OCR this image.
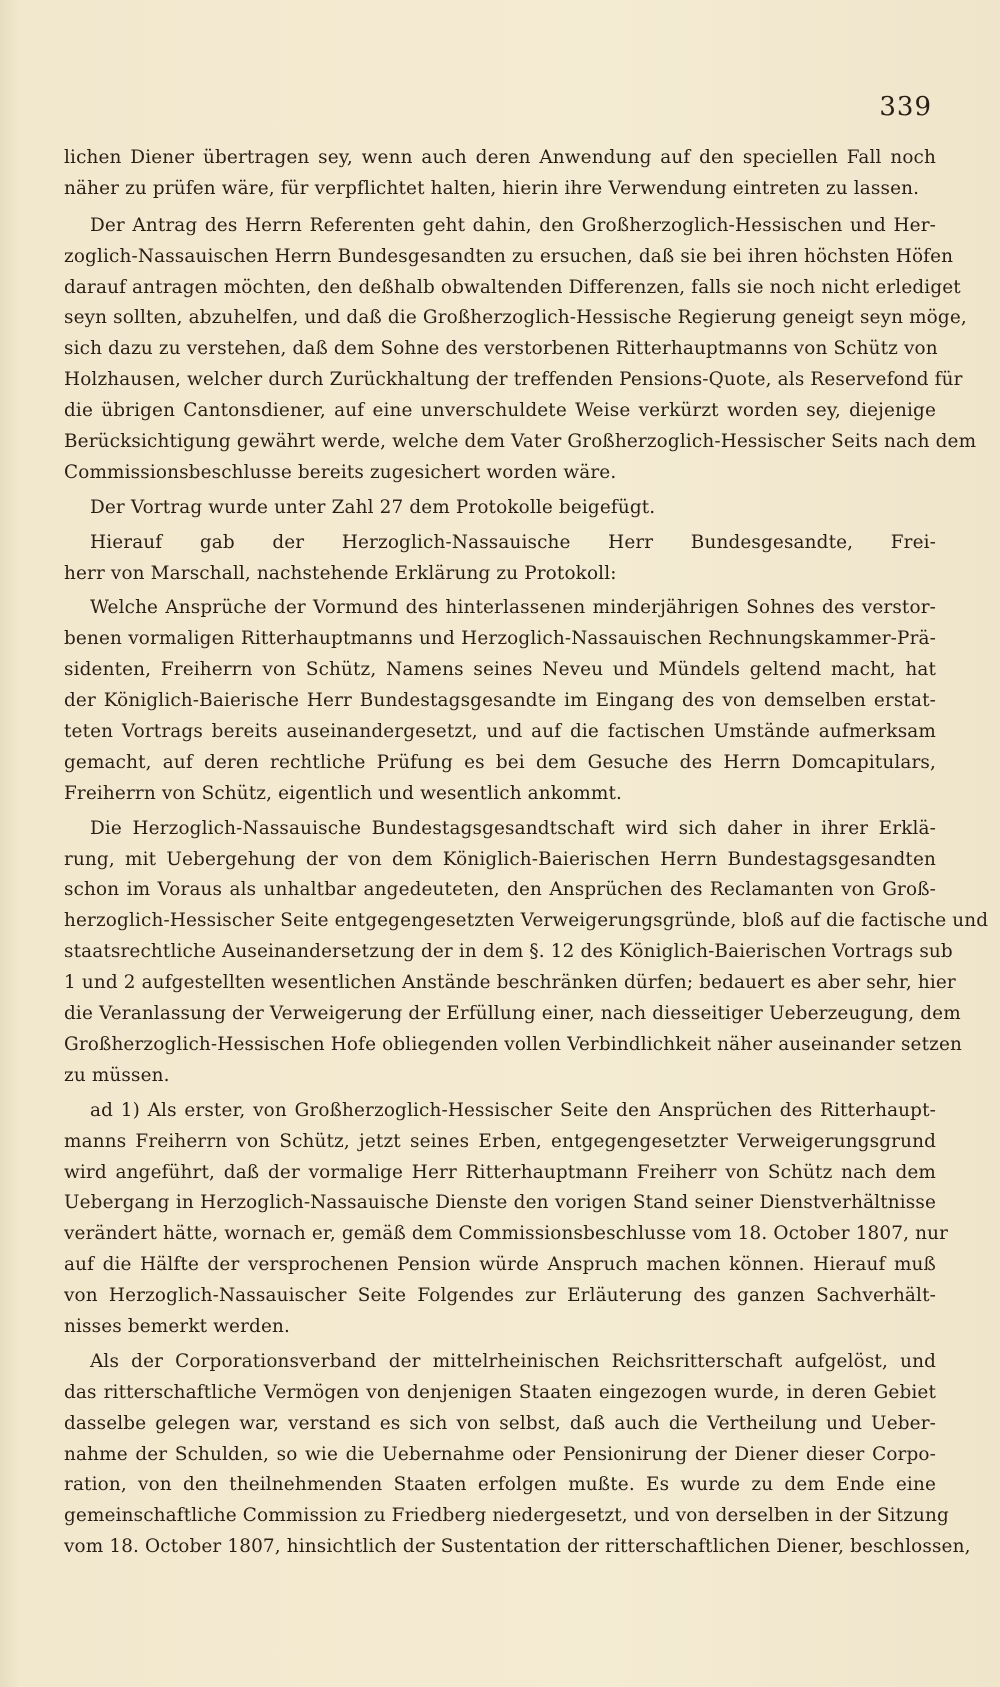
339
lichen Diener übertragen sey, wenn auch deren Anwendung auf den speciellen Fall noch
näher zu prüfen wäre, für verpflichtet halten, hierin ihre Verwendung eintreten zu lassen.
Der Antrag des Herrn Referenten geht dahin, den Großherzoglich-Hessischen und Her-
zoglich-Nassauischen Herrn Bundesgesandten zu ersuchen, daß sie bei ihren höchsten Höfen
darauf antragen möchten, den deßhalb obwaltenden Differenzen, falls sie noch nicht erlediget
seyn sollten, abzuhelfen, und daß die Großherzoglich-Hessische Regierung geneigt seyn möge,
sich dazu zu verstehen, daß dem Sohne des verstorbenen Ritterhauptmanns von Schütz von
Holzhausen, welcher durch Zurückhaltung der treffenden Pensions-Quote, als Reservefond für
die übrigen Cantonsdiener, auf eine unverschuldete Weise verkürzt worden sey, diejenige
Berücksichtigung gewährt werde, welche dem Vater Großherzoglich-Hessischer Seits nach dem
Commissionsbeschlusse bereits zugesichert worden wäre.
Der Vortrag wurde unter Zahl 27 dem Protokolle beigefügt.
Hierauf gab der Herzoglich-Nassauische Herr Bundesgesandte, Frei-
herr von Marschall, nachstehende Erklärung zu Protokoll:
Welche Ansprüche der Vormund des hinterlassenen minderjährigen Sohnes des verstor-
benen vormaligen Ritterhauptmanns und Herzoglich-Nassauischen Rechnungskammer-Prä-
sidenten, Freiherrn von Schütz, Namens seines Neveu und Mündels geltend macht, hat
der Königlich-Baierische Herr Bundestagsgesandte im Eingang des von demselben erstat-
teten Vortrags bereits auseinandergesetzt, und auf die factischen Umstände aufmerksam
gemacht, auf deren rechtliche Prüfung es bei dem Gesuche des Herrn Domcapitulars,
Freiherrn von Schütz, eigentlich und wesentlich ankommt.
Die Herzoglich-Nassauische Bundestagsgesandtschaft wird sich daher in ihrer Erklä-
rung, mit Uebergehung der von dem Königlich-Baierischen Herrn Bundestagsgesandten
schon im Voraus als unhaltbar angedeuteten, den Ansprüchen des Reclamanten von Groß-
herzoglich-Hessischer Seite entgegengesetzten Verweigerungsgründe, bloß auf die factische und
staatsrechtliche Auseinandersetzung der in dem §. 12 des Königlich-Baierischen Vortrags sub
1 und 2 aufgestellten wesentlichen Anstände beschränken dürfen; bedauert es aber sehr, hier
die Veranlassung der Verweigerung der Erfüllung einer, nach diesseitiger Ueberzeugung, dem
Großherzoglich-Hessischen Hofe obliegenden vollen Verbindlichkeit näher auseinander setzen
zu müssen.
ad 1) Als erster, von Großherzoglich-Hessischer Seite den Ansprüchen des Ritterhaupt-
manns Freiherrn von Schütz, jetzt seines Erben, entgegengesetzter Verweigerungsgrund
wird angeführt, daß der vormalige Herr Ritterhauptmann Freiherr von Schütz nach dem
Uebergang in Herzoglich-Nassauische Dienste den vorigen Stand seiner Dienstverhältnisse
verändert hätte, wornach er, gemäß dem Commissionsbeschlusse vom 18. October 1807, nur
auf die Hälfte der versprochenen Pension würde Anspruch machen können. Hierauf muß
von Herzoglich-Nassauischer Seite Folgendes zur Erläuterung des ganzen Sachverhält-
nisses bemerkt werden.
Als der Corporationsverband der mittelrheinischen Reichsritterschaft aufgelöst, und
das ritterschaftliche Vermögen von denjenigen Staaten eingezogen wurde, in deren Gebiet
dasselbe gelegen war, verstand es sich von selbst, daß auch die Vertheilung und Ueber-
nahme der Schulden, so wie die Uebernahme oder Pensionirung der Diener dieser Corpo-
ration, von den theilnehmenden Staaten erfolgen mußte. Es wurde zu dem Ende eine
gemeinschaftliche Commission zu Friedberg niedergesetzt, und von derselben in der Sitzung
vom 18. October 1807, hinsichtlich der Sustentation der ritterschaftlichen Diener, beschlossen,
